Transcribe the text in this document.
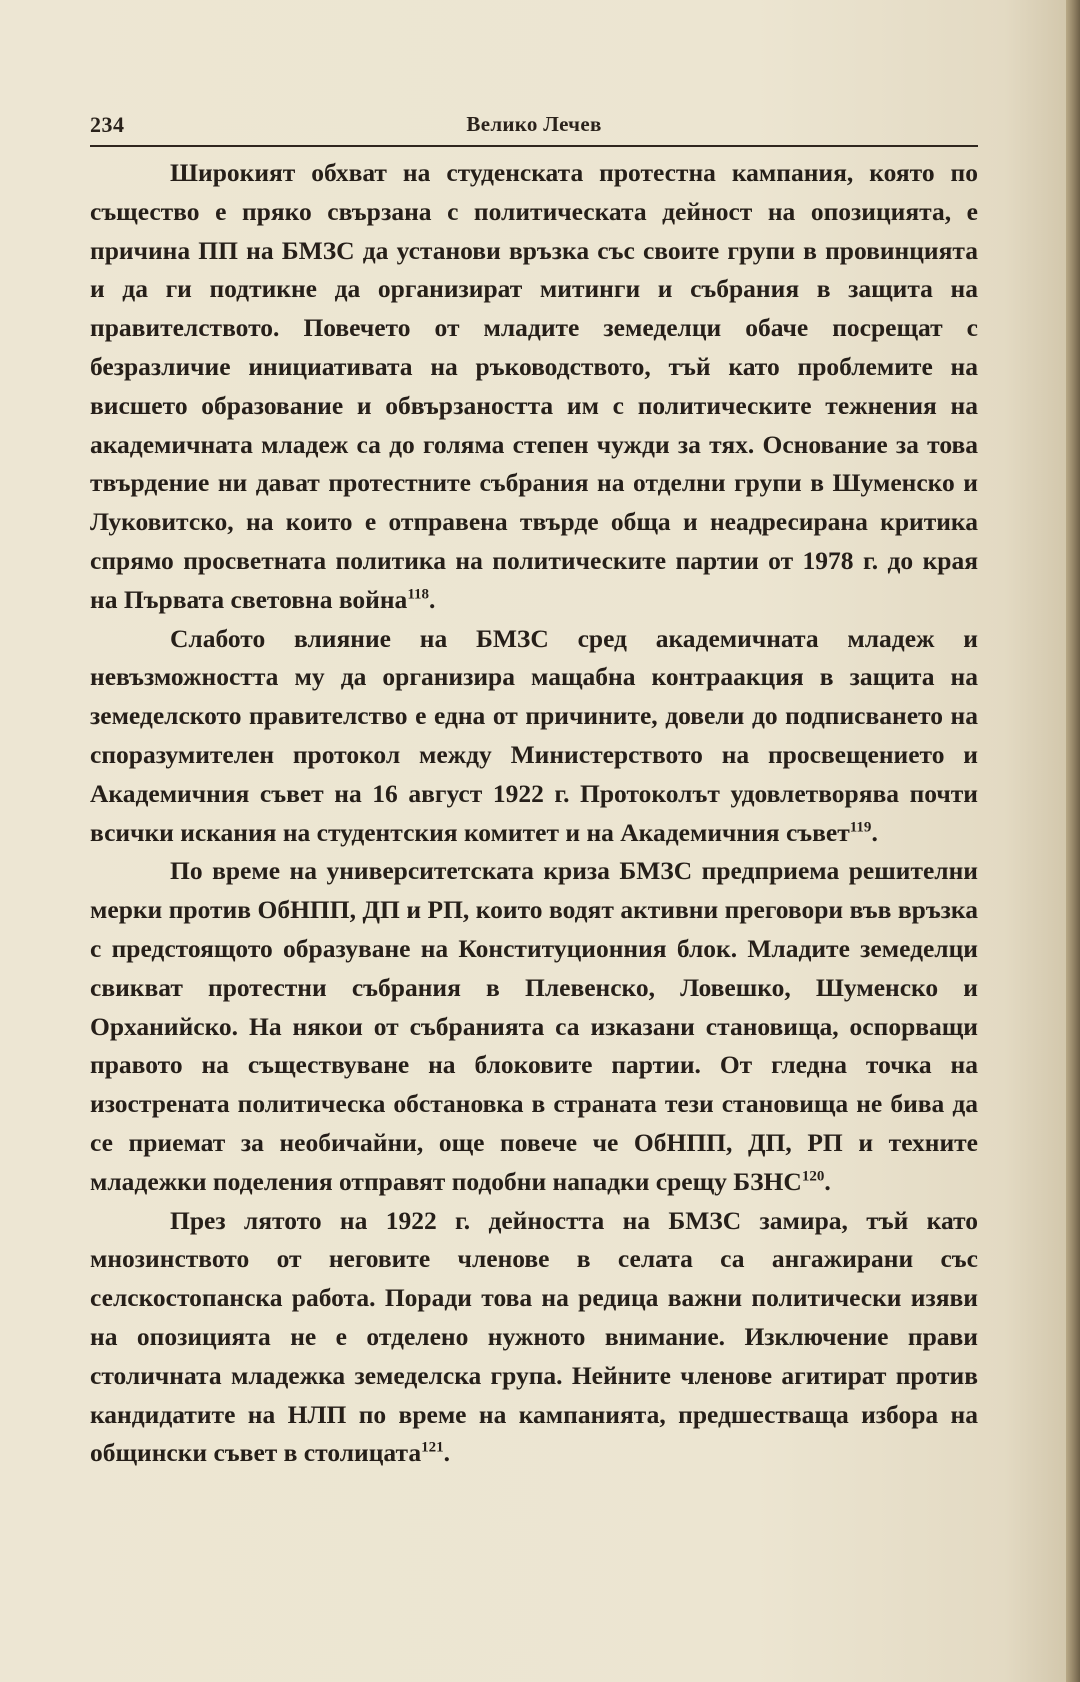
234	Велико Лечев

Широкият обхват на студенската протестна кампания, която по същество е пряко свързана с политическата дейност на опозицията, е причина ПП на БМЗС да установи връзка със своите групи в провинцията и да ги подтикне да организират митинги и събрания в защита на правителството. Повечето от младите земеделци обаче посрещат с безразличие инициативата на ръководството, тъй като проблемите на висшето образование и обвързаността им с политическите тежнения на академичната младеж са до голяма степен чужди за тях. Основание за това твърдение ни дават протестните събрания на отделни групи в Шуменско и Луковитско, на които е отправена твърде обща и неадресирана критика спрямо просветната политика на политическите партии от 1978 г. до края на Първата световна война$^{118}$.

Слабото влияние на БМЗС сред академичната младеж и невъзможността му да организира мащабна контраакция в защита на земеделското правителство е една от причините, довели до подписването на споразумителен протокол между Министерството на просвещението и Академичния съвет на 16 август 1922 г. Протоколът удовлетворява почти всички искания на студентския комитет и на Академичния съвет$^{119}$.

По време на университетската криза БМЗС предприема решителни мерки против ОбНПП, ДП и РП, които водят активни преговори във връзка с предстоящото образуване на Конституционния блок. Младите земеделци свикват протестни събрания в Плевенско, Ловешко, Шуменско и Орханийско. На някои от събранията са изказани становища, оспорващи правото на съществуване на блоковите партии. От гледна точка на изострената политическа обстановка в страната тези становища не бива да се приемат за необичайни, още повече че ОбНПП, ДП, РП и техните младежки поделения отправят подобни нападки срещу БЗНС$^{120}$.

През лятото на 1922 г. дейността на БМЗС замира, тъй като мнозинството от неговите членове в селата са ангажирани със селскостопанска работа. Поради това на редица важни политически изяви на опозицията не е отделено нужното внимание. Изключение прави столичната младежка земеделска група. Нейните членове агитират против кандидатите на НЛП по време на кампанията, предшестваща избора на общински съвет в столицата$^{121}$.
